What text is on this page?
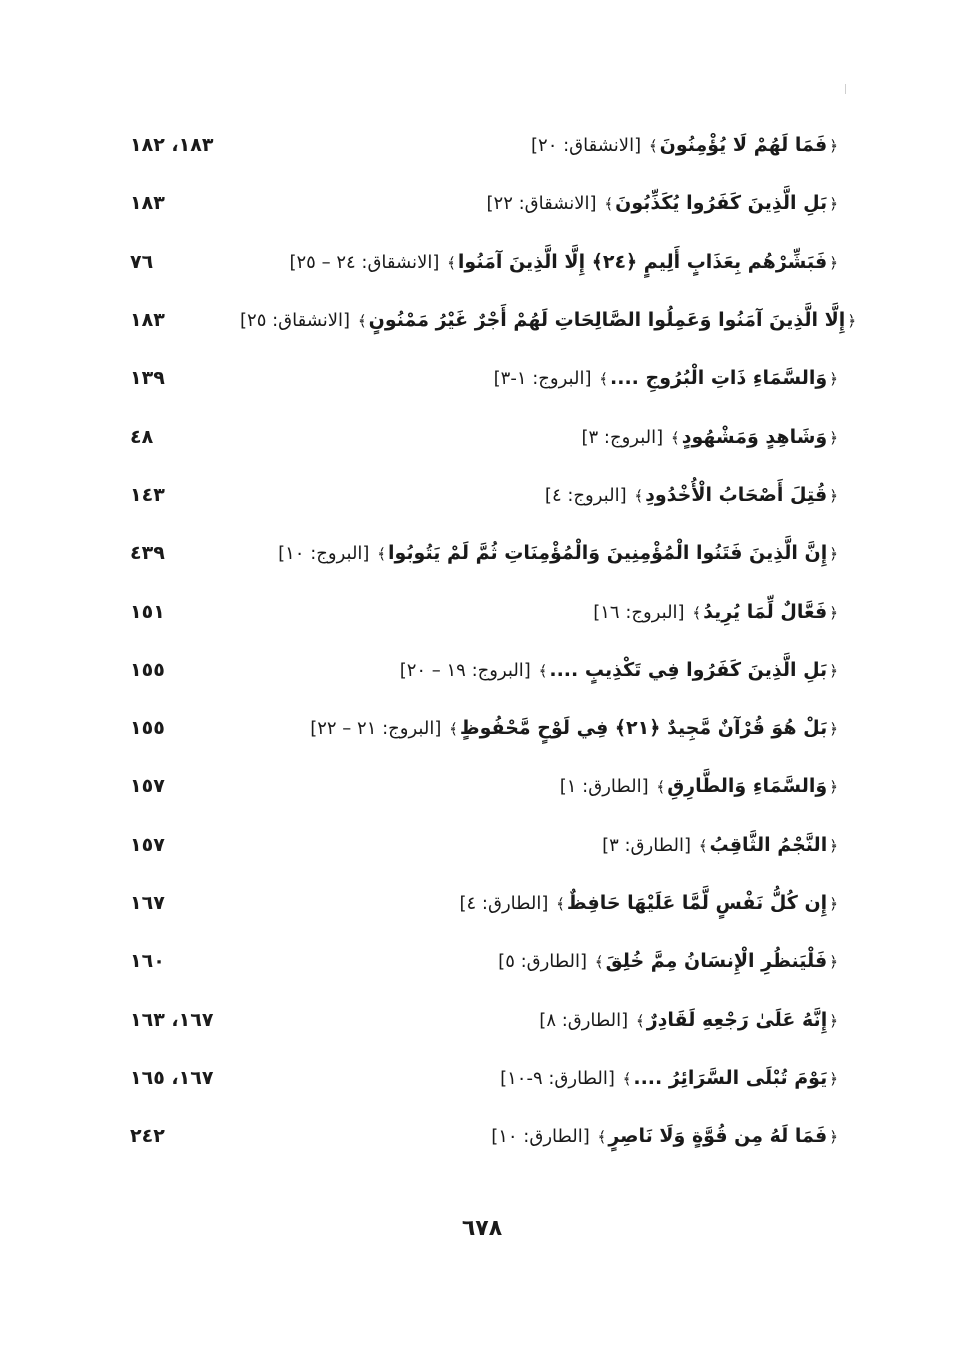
١٨٣، ١٨٢	﴿فَمَا لَهُمْ لَا يُؤْمِنُونَ﴾ [الانشقاق: ٢٠]
١٨٣	﴿بَلِ الَّذِينَ كَفَرُوا يُكَذِّبُونَ﴾ [الانشقاق: ٢٢]
٧٦	﴿فَبَشِّرْهُم بِعَذَابٍ أَلِيمٍ ﴿٢٤﴾ إِلَّا الَّذِينَ آمَنُوا﴾ [الانشقاق: ٢٤ – ٢٥]
١٨٣	﴿إِلَّا الَّذِينَ آمَنُوا وَعَمِلُوا الصَّالِحَاتِ لَهُمْ أَجْرٌ غَيْرُ مَمْنُونٍ﴾ [الانشقاق: ٢٥]
١٣٩	﴿وَالسَّمَاءِ ذَاتِ الْبُرُوجِ ....﴾ [البروج: ١-٣]
٤٨	﴿وَشَاهِدٍ وَمَشْهُودٍ﴾ [البروج: ٣]
١٤٣	﴿قُتِلَ أَصْحَابُ الْأُخْدُودِ﴾ [البروج: ٤]
٤٣٩	﴿إِنَّ الَّذِينَ فَتَنُوا الْمُؤْمِنِينَ وَالْمُؤْمِنَاتِ ثُمَّ لَمْ يَتُوبُوا﴾ [البروج: ١٠]
١٥١	﴿فَعَّالٌ لِّمَا يُرِيدُ﴾ [البروج: ١٦]
١٥٥	﴿بَلِ الَّذِينَ كَفَرُوا فِي تَكْذِيبٍ ....﴾ [البروج: ١٩ – ٢٠]
١٥٥	﴿بَلْ هُوَ قُرْآنٌ مَّجِيدٌ ﴿٢١﴾ فِي لَوْحٍ مَّحْفُوظٍ﴾ [البروج: ٢١ – ٢٢]
١٥٧	﴿وَالسَّمَاءِ وَالطَّارِقِ﴾ [الطارق: ١]
١٥٧	﴿النَّجْمُ الثَّاقِبُ﴾ [الطارق: ٣]
١٦٧	﴿إِن كُلُّ نَفْسٍ لَّمَّا عَلَيْهَا حَافِظٌ﴾ [الطارق: ٤]
١٦٠	﴿فَلْيَنظُرِ الْإِنسَانُ مِمَّ خُلِقَ﴾ [الطارق: ٥]
١٦٧، ١٦٣	﴿إِنَّهُ عَلَىٰ رَجْعِهِ لَقَادِرٌ﴾ [الطارق: ٨]
١٦٧، ١٦٥	﴿يَوْمَ تُبْلَى السَّرَائِرُ ....﴾ [الطارق: ٩-١٠]
٢٤٢	﴿فَمَا لَهُ مِن قُوَّةٍ وَلَا نَاصِرٍ﴾ [الطارق: ١٠]
٦٧٨
